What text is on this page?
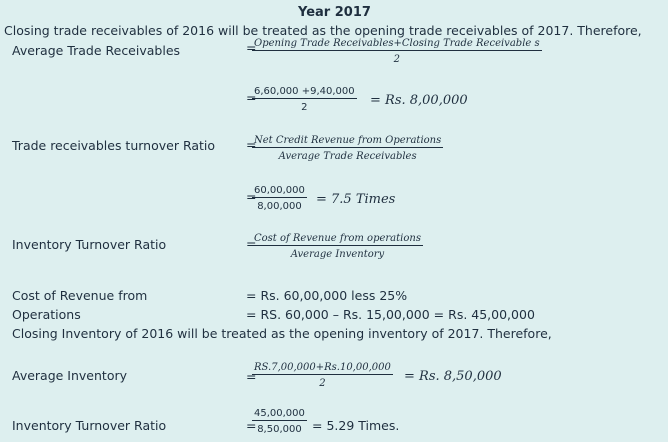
Year 2017
Closing trade receivables of 2016 will be treated as the opening trade receivables of 2017. Therefore,
Average Trade Receivables	=
Opening Trade Receivables+Closing Trade Receivable s
2
=
$\frac{6,60,000 +9,40,000}{2} = Rs$. 8,00,000
Trade receivables turnover Ratio =
Net Credit Revenue from Operations
Average Trade Receivables
=
$\frac{60,00,000}{8,00,000} = 7.5$ Times
Inventory Turnover Ratio	=
Cost of Revenue from operations
Average Inventory
Cost of Revenue from
Operations
= Rs. 60,00,000 less 25%
= RS. 60,000 – Rs. 15,00,000 = Rs. 45,00,000
Closing Inventory of 2016 will be treated as the opening inventory of 2017. Therefore,
Average Inventory	=
$\frac{RS.7,00,000+Rs.10,00,000}{2} = Rs$. 8,50,000
Inventory Turnover Ratio	=
$\frac{45,00,000}{8,50,000} = 5.29$ Times.
